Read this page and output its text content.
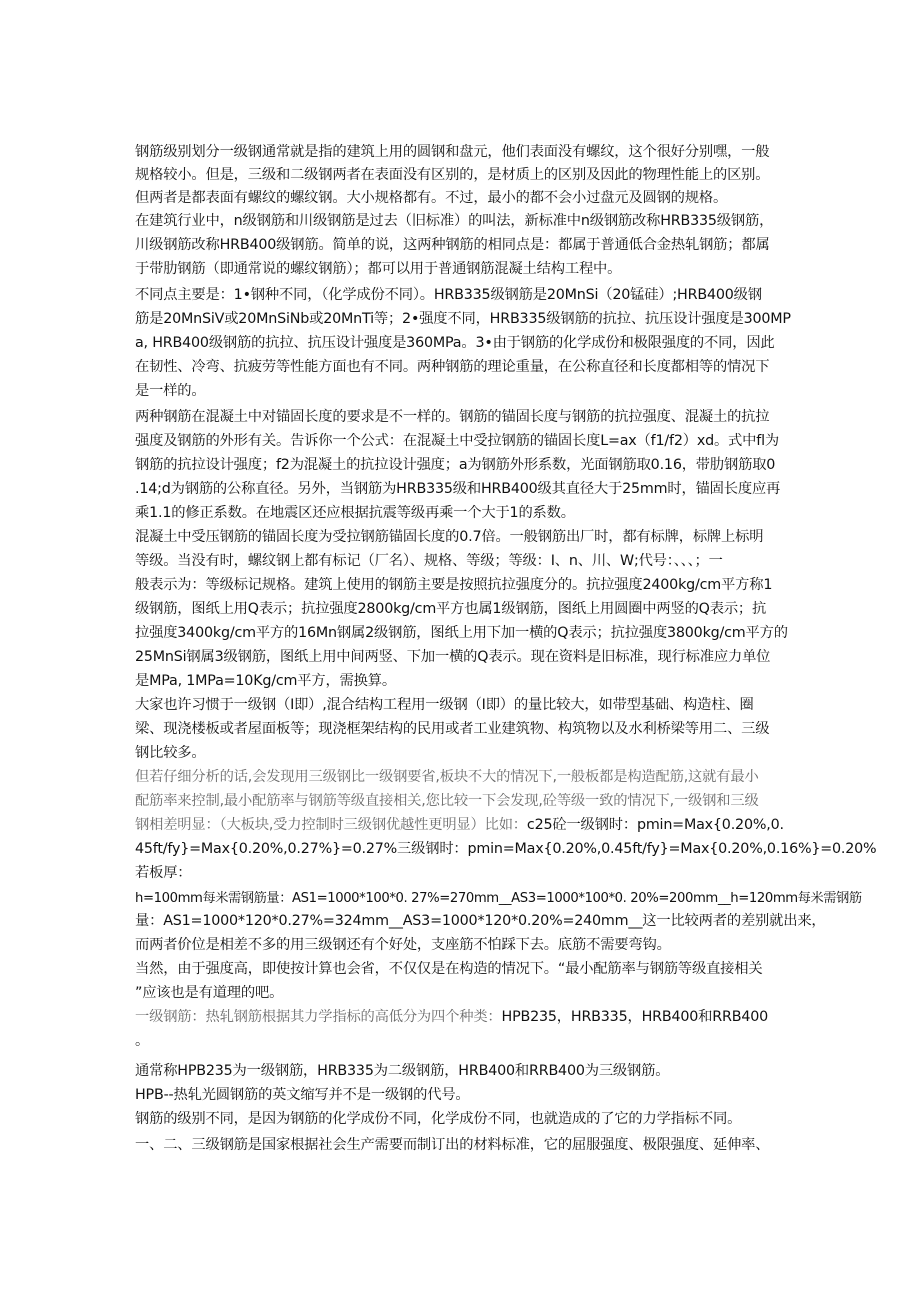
钢筋级别划分一级钢通常就是指的建筑上用的圆钢和盘元，他们表面没有螺纹，这个很好分别嘿，一般
规格较小。但是，三级和二级钢两者在表面没有区别的，是材质上的区别及因此的物理性能上的区别。
但两者是都表面有螺纹的螺纹钢。大小规格都有。不过，最小的都不会小过盘元及圆钢的规格。
在建筑行业中，n级钢筋和川级钢筋是过去（旧标准）的叫法，新标准中n级钢筋改称HRB335级钢筋，
川级钢筋改称HRB400级钢筋。简单的说，这两种钢筋的相同点是：都属于普通低合金热轧钢筋；都属
于带肋钢筋（即通常说的螺纹钢筋）；都可以用于普通钢筋混凝土结构工程中。
不同点主要是：1•钢种不同，（化学成份不同）。HRB335级钢筋是20MnSi（20锰硅）;HRB400级钢
筋是20MnSiV或20MnSiNb或20MnTi等；2•强度不同，HRB335级钢筋的抗拉、抗压设计强度是300MP
a, HRB400级钢筋的抗拉、抗压设计强度是360MPa。3•由于钢筋的化学成份和极限强度的不同，因此
在韧性、冷弯、抗疲劳等性能方面也有不同。两种钢筋的理论重量，在公称直径和长度都相等的情况下
是一样的。
两种钢筋在混凝土中对锚固长度的要求是不一样的。钢筋的锚固长度与钢筋的抗拉强度、混凝土的抗拉
强度及钢筋的外形有关。告诉你一个公式：在混凝土中受拉钢筋的锚固长度L=ax（f1/f2）xd。式中fl为
钢筋的抗拉设计强度；f2为混凝土的抗拉设计强度；a为钢筋外形系数，光面钢筋取0.16，带肋钢筋取0
.14;d为钢筋的公称直径。另外，当钢筋为HRB335级和HRB400级其直径大于25mm时，锚固长度应再
乘1.1的修正系数。在地震区还应根据抗震等级再乘一个大于1的系数。
混凝土中受压钢筋的锚固长度为受拉钢筋锚固长度的0.7倍。一般钢筋出厂时，都有标牌，标牌上标明
等级。当没有时，螺纹钢上都有标记（厂名）、规格、等级；等级：I、n、川、W;代号：、、、；一
般表示为：等级标记规格。建筑上使用的钢筋主要是按照抗拉强度分的。抗拉强度2400kg/cm平方称1
级钢筋，图纸上用Q表示；抗拉强度2800kg/cm平方也属1级钢筋，图纸上用圆圈中两竖的Q表示；抗
拉强度3400kg/cm平方的16Mn钢属2级钢筋，图纸上用下加一横的Q表示；抗拉强度3800kg/cm平方的
25MnSi钢属3级钢筋，图纸上用中间两竖、下加一横的Q表示。现在资料是旧标准，现行标准应力单位
是MPa, 1MPa=10Kg/cm平方，需换算。
大家也许习惯于一级钢（I即）,混合结构工程用一级钢（I即）的量比较大，如带型基础、构造柱、圈
梁、现浇楼板或者屋面板等；现浇框架结构的民用或者工业建筑物、构筑物以及水利桥梁等用二、三级
钢比较多。
但若仔细分析的话,会发现用三级钢比一级钢要省,板块不大的情况下,一般板都是构造配筋,这就有最小
配筋率来控制,最小配筋率与钢筋等级直接相关,您比较一下会发现,砼等级一致的情况下,一级钢和三级
钢相差明显：（大板块,受力控制时三级钢优越性更明显）比如：c25砼一级钢时：pmin=Max{0.20%,0.
45ft/fy}=Max{0.20%,0.27%}=0.27%三级钢时：pmin=Max{0.20%,0.45ft/fy}=Max{0.20%,0.16%}=0.20%
若板厚：
h=100mm每米需钢筋量：AS1=1000*100*0. 27%=270mm__AS3=1000*100*0. 20%=200mm__h=120mm每米需钢筋
量：AS1=1000*120*0.27%=324mm__AS3=1000*120*0.20%=240mm__这一比较两者的差别就出来，
而两者价位是相差不多的用三级钢还有个好处，支座筋不怕踩下去。底筋不需要弯钩。
当然，由于强度高，即使按计算也会省，不仅仅是在构造的情况下。“最小配筋率与钢筋等级直接相关
”应该也是有道理的吧。
一级钢筋：热轧钢筋根据其力学指标的高低分为四个种类：HPB235，HRB335，HRB400和RRB400
。
通常称HPB235为一级钢筋，HRB335为二级钢筋，HRB400和RRB400为三级钢筋。
HPB--热轧光圆钢筋的英文缩写并不是一级钢的代号。
钢筋的级别不同，是因为钢筋的化学成份不同，化学成份不同，也就造成的了它的力学指标不同。
一、二、三级钢筋是国家根据社会生产需要而制订出的材料标准，它的屈服强度、极限强度、延伸率、
